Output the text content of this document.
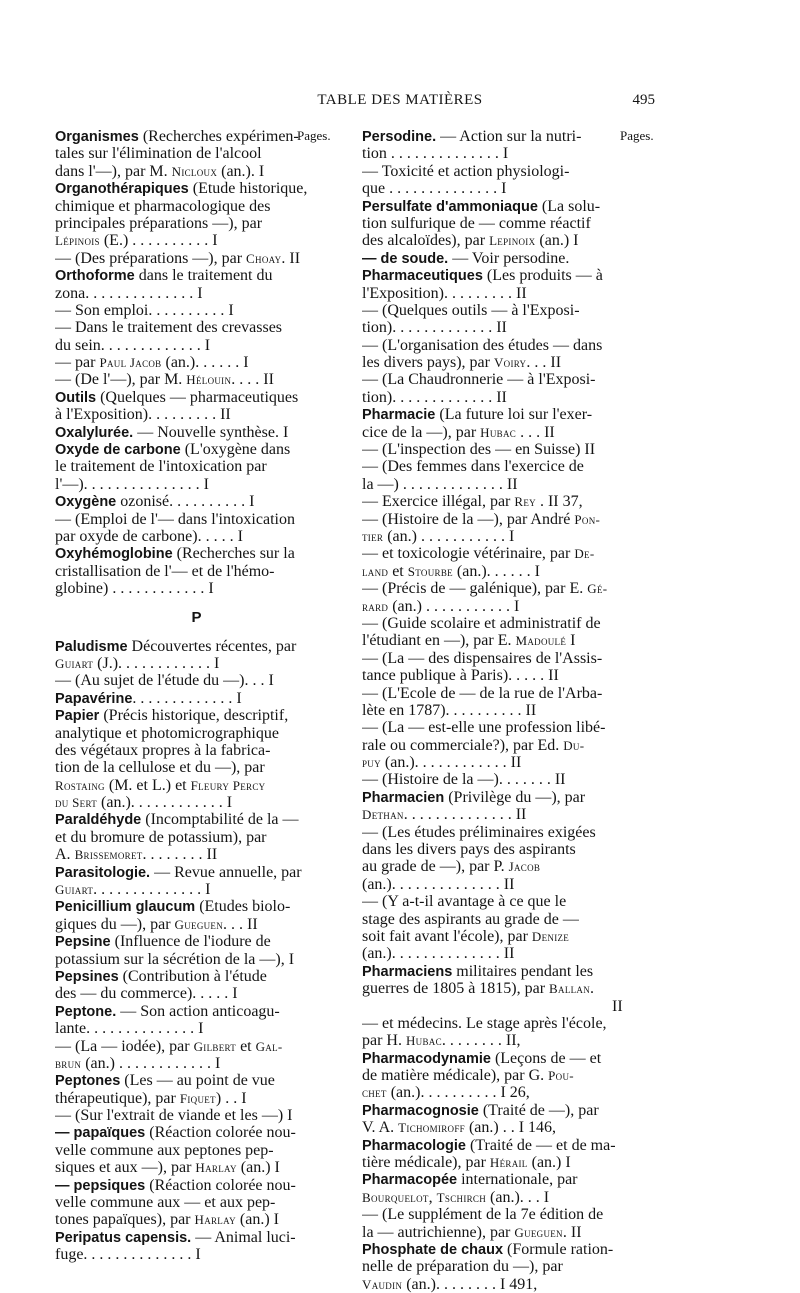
TABLE DES MATIÈRES	495
Pages.	Pages.
Organismes (Recherches expérimen-
tales sur l'élimination de l'alcool
dans l'—), par M. Nicloux (an.). I
Organothérapiques (Etude historique,
chimique et pharmacologique des
principales préparations —), par
Lépinois (E.) . . . . . . . . . . I
— (Des préparations —), par Choay. II
Orthoforme dans le traitement du
zona. . . . . . . . . . . . . . I
— Son emploi. . . . . . . . . . I
— Dans le traitement des crevasses
du sein. . . . . . . . . . . . . I
— par Paul Jacob (an.). . . . . . I
— (De l'—), par M. Hélouin. . . . II
Outils (Quelques — pharmaceutiques
à l'Exposition). . . . . . . . . II
Oxalylurée. — Nouvelle synthèse. I
Oxyde de carbone (L'oxygène dans
le traitement de l'intoxication par
l'—). . . . . . . . . . . . . . . I
Oxygène ozonisé. . . . . . . . . . I
— (Emploi de l'— dans l'intoxication
par oxyde de carbone). . . . . I
Oxyhémoglobine (Recherches sur la
cristallisation de l'— et de l'hémo-
globine) . . . . . . . . . . . . I
P
Paludisme Découvertes récentes, par
Guiart (J.). . . . . . . . . . . . I
— (Au sujet de l'étude du —). . . I
Papavérine. . . . . . . . . . . . . I
Papier (Précis historique, descriptif,
analytique et photomicrographique
des végétaux propres à la fabrica-
tion de la cellulose et du —), par
Rostaing (M. et L.) et Fleury Percy
du Sert (an.). . . . . . . . . . . . I
Paraldéhyde (Incomptabilité de la —
et du bromure de potassium), par
A. Brissemoret. . . . . . . . II
Parasitologie. — Revue annuelle, par
Guiart. . . . . . . . . . . . . . I
Penicillium glaucum (Etudes biolo-
giques du —), par Gueguen. . . II
Pepsine (Influence de l'iodure de
potassium sur la sécrétion de la —), I
Pepsines (Contribution à l'étude
des — du commerce). . . . . I
Peptone. — Son action anticoagu-
lante. . . . . . . . . . . . . . I
— (La — iodée), par Gilbert et Gal-
brun (an.) . . . . . . . . . . . . I
Peptones (Les — au point de vue
thérapeutique), par Fiquet) . . I
— (Sur l'extrait de viande et les —) I
— papaïques (Réaction colorée nou-
velle commune aux peptones pep-
siques et aux —), par Harlay (an.) I
— pepsiques (Réaction colorée nou-
velle commune aux — et aux pep-
tones papaïques), par Harlay (an.) I
Peripatus capensis. — Animal luci-
fuge. . . . . . . . . . . . . . I
Persodine. — Action sur la nutri-
tion . . . . . . . . . . . . . . I
— Toxicité et action physiologi-
que . . . . . . . . . . . . . . I
Persulfate d'ammoniaque (La solu-
tion sulfurique de — comme réactif
des alcaloïdes), par Lepinoix (an.) I
— de soude. — Voir persodine.
Pharmaceutiques (Les produits — à
l'Exposition). . . . . . . . . II
— (Quelques outils — à l'Exposi-
tion). . . . . . . . . . . . . II
— (L'organisation des études — dans
les divers pays), par Voiry. . . II
— (La Chaudronnerie — à l'Exposi-
tion). . . . . . . . . . . . . II
Pharmacie (La future loi sur l'exer-
cice de la —), par Hubac . . . II
— (L'inspection des — en Suisse) II
— (Des femmes dans l'exercice de
la —) . . . . . . . . . . . . . II
— Exercice illégal, par Rey . II 37,
— (Histoire de la —), par André Pon-
tier (an.) . . . . . . . . . . . I
— et toxicologie vétérinaire, par De-
land et Stourbe (an.). . . . . . I
— (Précis de — galénique), par E. Gé-
rard (an.) . . . . . . . . . . . I
— (Guide scolaire et administratif de
l'étudiant en —), par E. Madoulé I
— (La — des dispensaires de l'Assis-
tance publique à Paris). . . . . II
— (L'Ecole de — de la rue de l'Arba-
lète en 1787). . . . . . . . . . II
— (La — est-elle une profession libé-
rale ou commerciale?), par Ed. Du-
puy (an.). . . . . . . . . . . . II
— (Histoire de la —). . . . . . . II
Pharmacien (Privilège du —), par
Dethan. . . . . . . . . . . . . . II
— (Les études préliminaires exigées
dans les divers pays des aspirants
au grade de —), par P. Jacob
(an.). . . . . . . . . . . . . . II
— (Y a-t-il avantage à ce que le
stage des aspirants au grade de —
soit fait avant l'école), par Denize
(an.). . . . . . . . . . . . . . II
Pharmaciens militaires pendant les
guerres de 1805 à 1815), par Ballan.
II
— et médecins. Le stage après l'école,
par H. Hubac. . . . . . . . II,
Pharmacodynamie (Leçons de — et
de matière médicale), par G. Pou-
chet (an.). . . . . . . . . . I 26,
Pharmacognosie (Traité de —), par
V. A. Tichomiroff (an.) . . I 146,
Pharmacologie (Traité de — et de ma-
tière médicale), par Hérail (an.) I
Pharmacopée internationale, par
Bourquelot, Tschirch (an.). . . I
— (Le supplément de la 7e édition de
la — autrichienne), par Gueguen. II
Phosphate de chaux (Formule ration-
nelle de préparation du —), par
Vaudin (an.). . . . . . . . I 491,
